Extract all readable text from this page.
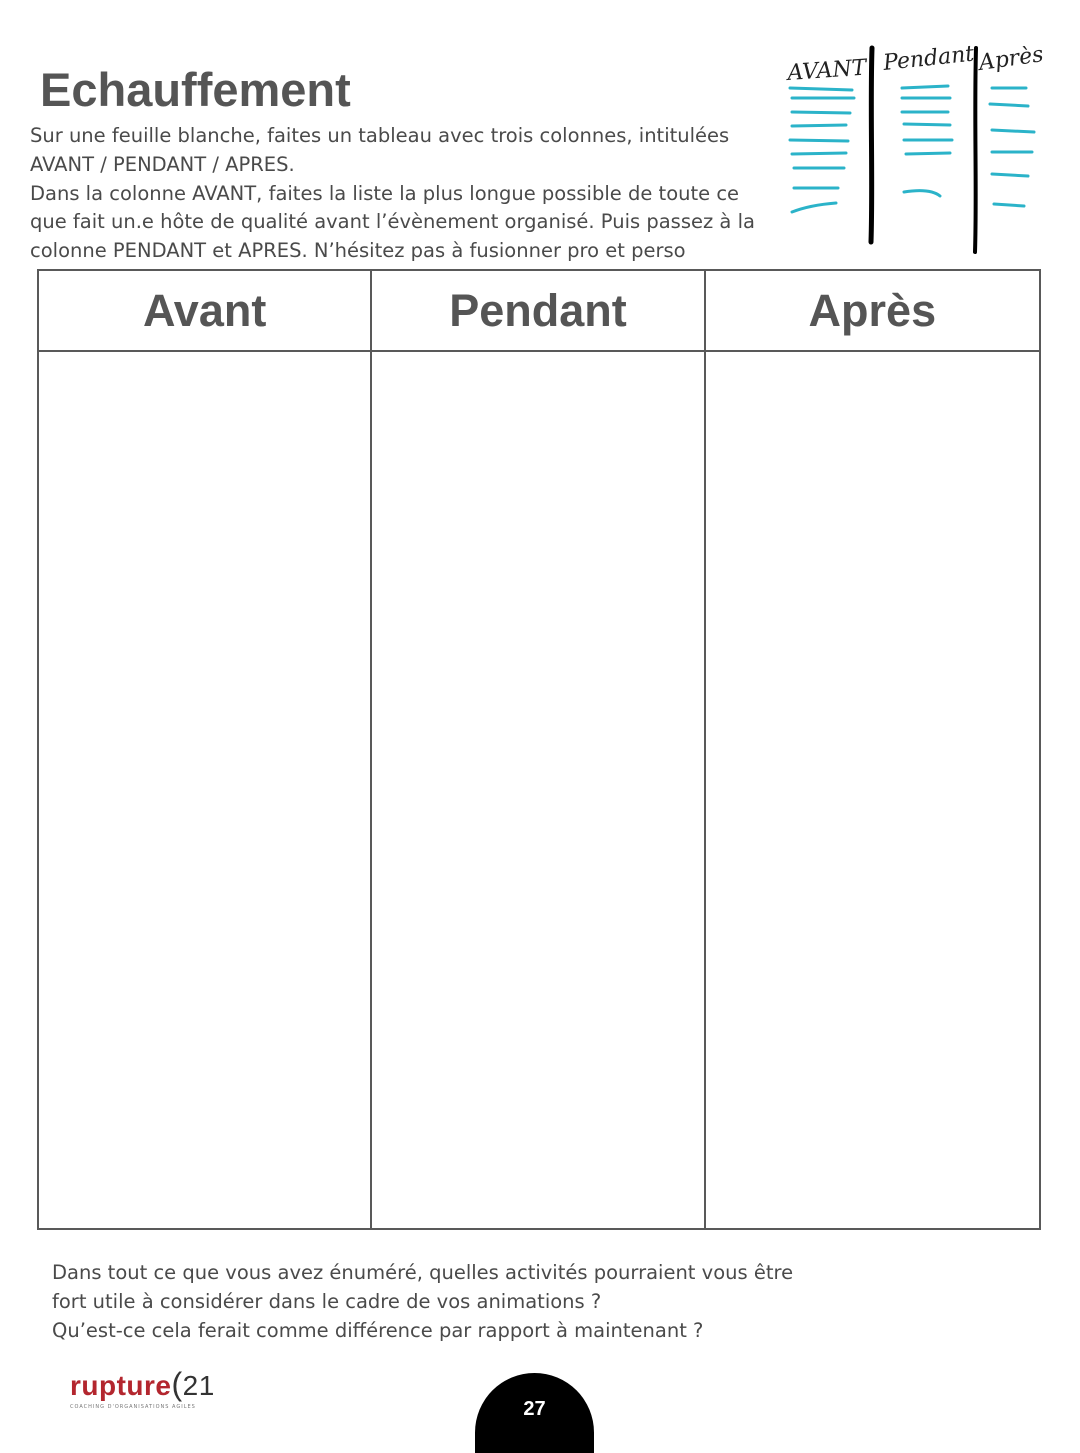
Echauffement

Sur une feuille blanche, faites un tableau avec trois colonnes, intitulées

AVANT / PENDANT / APRES.

Dans la colonne AVANT, faites la liste la plus longue possible de toute ce

que fait un.e hôte de qualité avant l’évènement organisé. Puis passez à la

colonne PENDANT et APRES. N’hésitez pas à fusionner pro et perso

AVANT Pendant Après
Avant	Pendant	Après

Dans tout ce que vous avez énuméré, quelles activités pourraient vous être

fort utile à considérer dans le cadre de vos animations ?

Qu’est-ce cela ferait comme différence par rapport à maintenant ?

rupture(21
COACHING D'ORGANISATIONS AGILES	27
